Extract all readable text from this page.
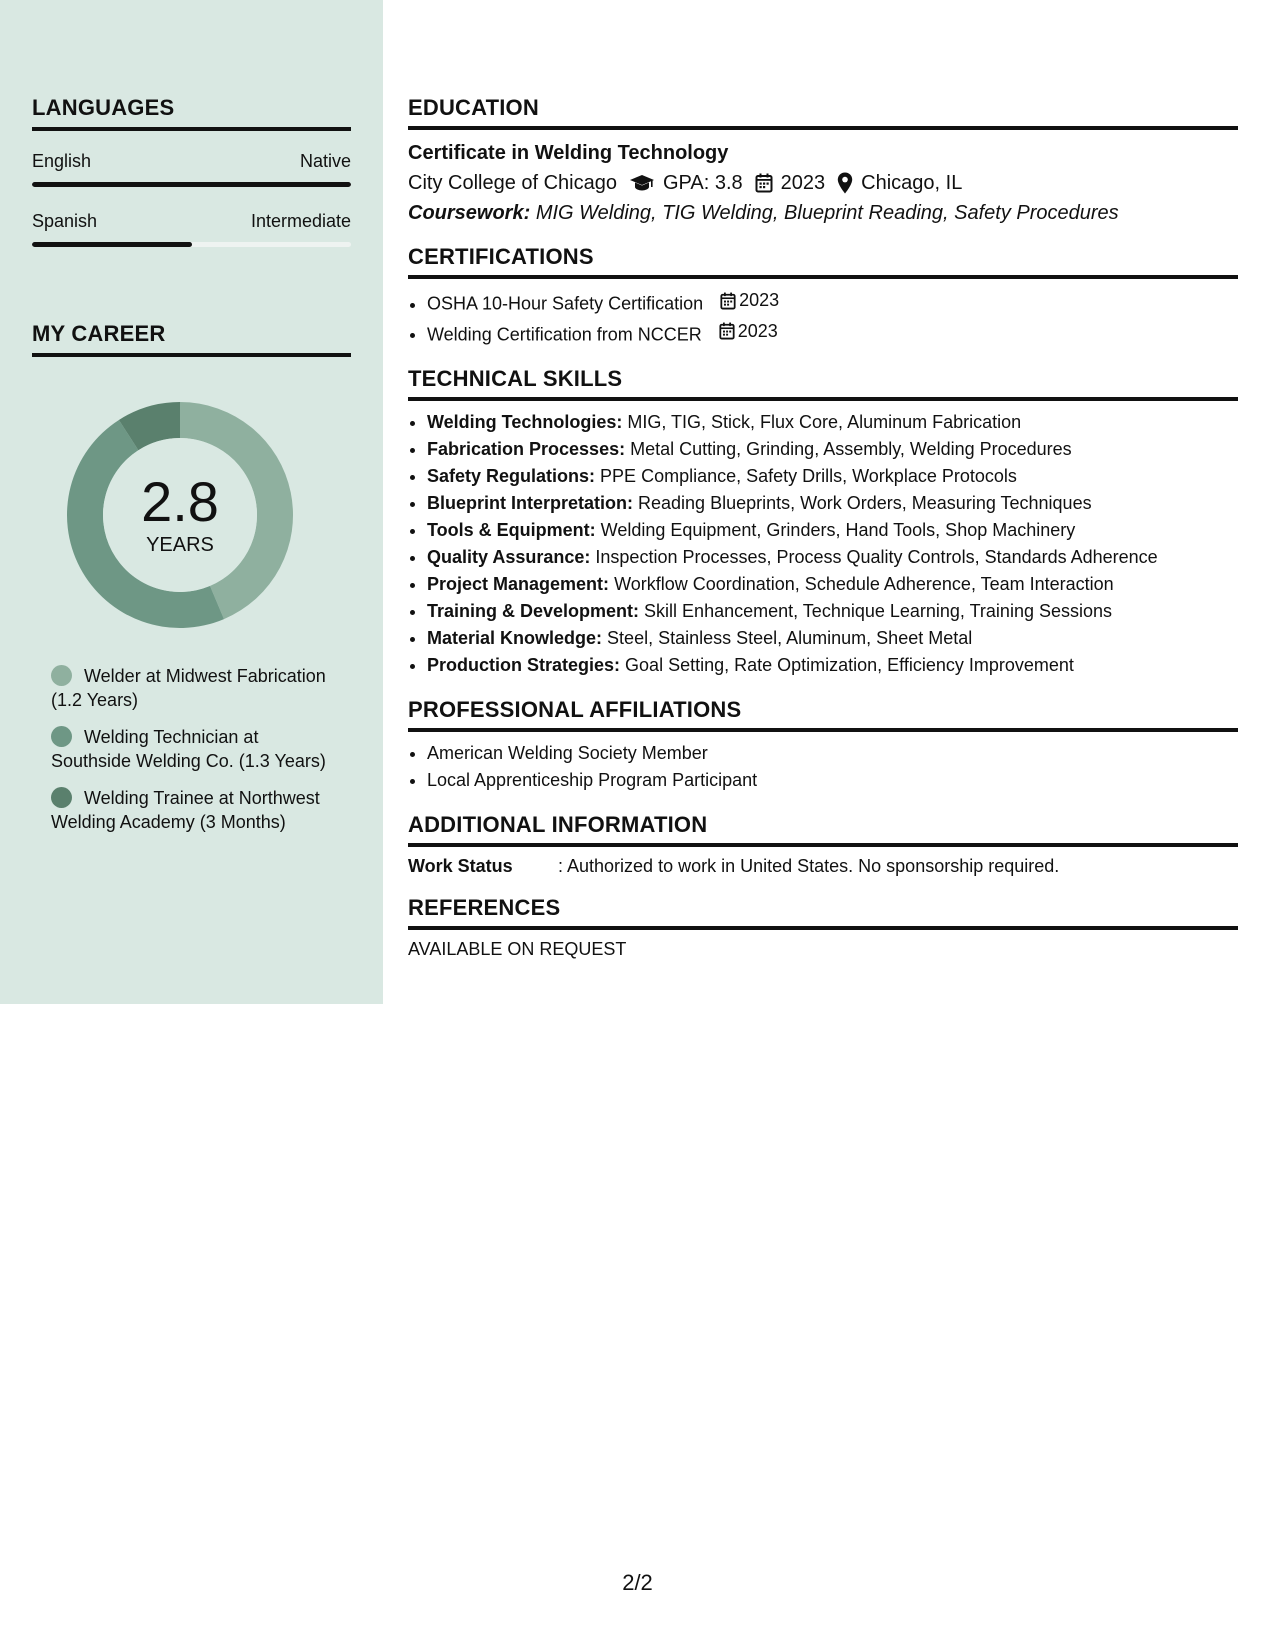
LANGUAGES
English	Native
Spanish	Intermediate
MY CAREER
2.8
YEARS
Welder at Midwest Fabrication (1.2 Years)
Welding Technician at Southside Welding Co. (1.3 Years)
Welding Trainee at Northwest Welding Academy (3 Months)
EDUCATION
Certificate in Welding Technology
City College of Chicago GPA: 3.8 2023 Chicago, IL
Coursework: MIG Welding, TIG Welding, Blueprint Reading, Safety Procedures
CERTIFICATIONS
• OSHA 10-Hour Safety Certification 2023
• Welding Certification from NCCER 2023
TECHNICAL SKILLS
• Welding Technologies: MIG, TIG, Stick, Flux Core, Aluminum Fabrication
• Fabrication Processes: Metal Cutting, Grinding, Assembly, Welding Procedures
• Safety Regulations: PPE Compliance, Safety Drills, Workplace Protocols
• Blueprint Interpretation: Reading Blueprints, Work Orders, Measuring Techniques
• Tools & Equipment: Welding Equipment, Grinders, Hand Tools, Shop Machinery
• Quality Assurance: Inspection Processes, Process Quality Controls, Standards Adherence
• Project Management: Workflow Coordination, Schedule Adherence, Team Interaction
• Training & Development: Skill Enhancement, Technique Learning, Training Sessions
• Material Knowledge: Steel, Stainless Steel, Aluminum, Sheet Metal
• Production Strategies: Goal Setting, Rate Optimization, Efficiency Improvement
PROFESSIONAL AFFILIATIONS
• American Welding Society Member
• Local Apprenticeship Program Participant
ADDITIONAL INFORMATION
Work Status	: Authorized to work in United States. No sponsorship required.
REFERENCES
AVAILABLE ON REQUEST
2/2
